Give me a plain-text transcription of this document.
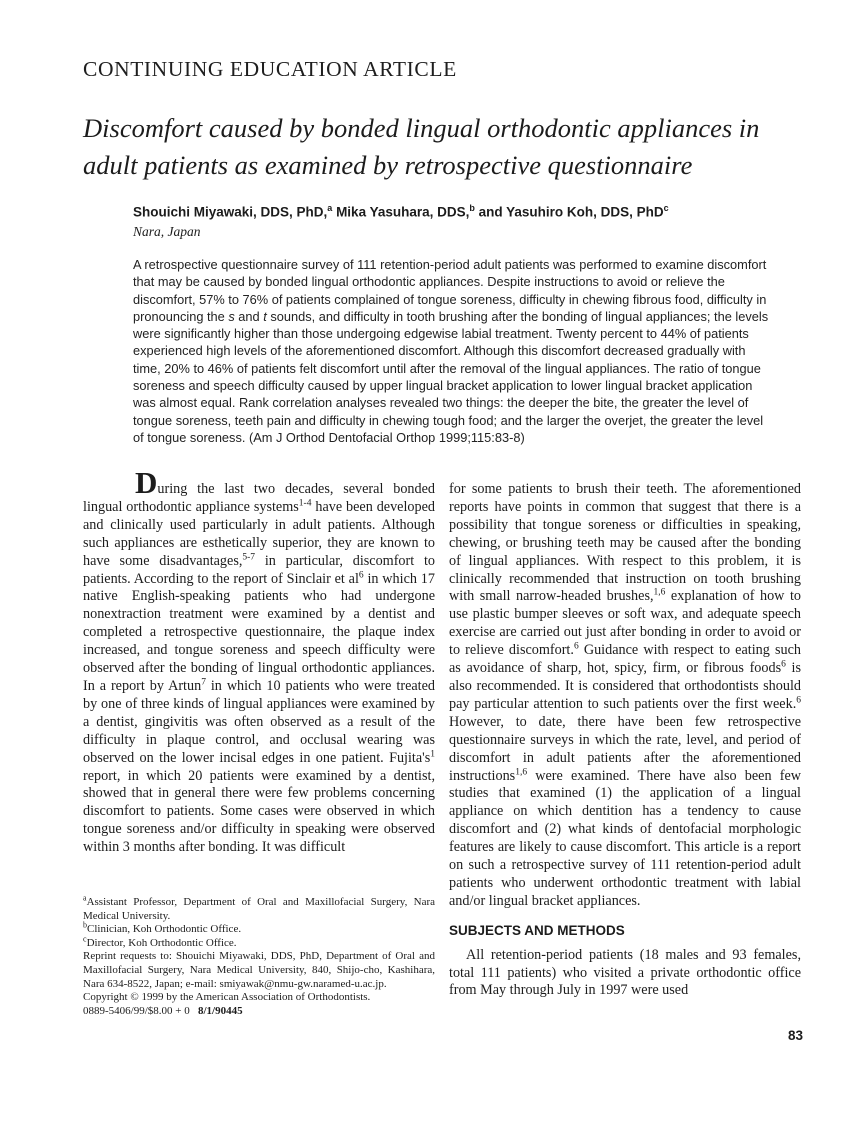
CONTINUING EDUCATION ARTICLE
Discomfort caused by bonded lingual orthodontic appliances in
adult patients as examined by retrospective questionnaire
Shouichi Miyawaki, DDS, PhD,$^a$ Mika Yasuhara, DDS,$^b$ and Yasuhiro Koh, DDS, PhD$^c$
Nara, Japan
A retrospective questionnaire survey of 111 retention-period adult patients was performed to examine discomfort that may be caused by bonded lingual orthodontic appliances. Despite instructions to avoid or relieve the discomfort, 57% to 76% of patients complained of tongue soreness, difficulty in chewing fibrous food, difficulty in pronouncing the s and t sounds, and difficulty in tooth brushing after the bonding of lingual appliances; the levels were significantly higher than those undergoing edgewise labial treatment. Twenty percent to 44% of patients experienced high levels of the aforementioned discomfort. Although this discomfort decreased gradually with time, 20% to 46% of patients felt discomfort until after the removal of the lingual appliances. The ratio of tongue soreness and speech difficulty caused by upper lingual bracket application to lower lingual bracket application was almost equal. Rank correlation analyses revealed two things: the deeper the bite, the greater the level of tongue soreness, teeth pain and difficulty in chewing tough food; and the larger the overjet, the greater the level of tongue soreness. (Am J Orthod Dentofacial Orthop 1999;115:83-8)

During the last two decades, several bonded lingual orthodontic appliance systems$^{1-4}$ have been developed and clinically used particularly in adult patients. Although such appliances are esthetically superior, they are known to have some disadvantages,$^{5-7}$ in particular, discomfort to patients. According to the report of Sinclair et $al^6$ in which 17 native English-speaking patients who had undergone nonextraction treatment were examined by a dentist and completed a retrospective questionnaire, the plaque index increased, and tongue soreness and speech difficulty were observed after the bonding of lingual orthodontic appliances. In a report by Artun$^7$ in which 10 patients who were treated by one of three kinds of lingual appliances were examined by a dentist, gingivitis was often observed as a result of the difficulty in plaque control, and occlusal wearing was observed on the lower incisal edges in one patient. $Fujita's^1$ report, in which 20 patients were examined by a dentist, showed that in general there were few problems concerning discomfort to patients. Some cases were observed in which tongue soreness and/or difficulty in speaking were observed within 3 months after bonding. It was difficult

$^a$Assistant Professor, Department of Oral and Maxillofacial Surgery, Nara Medical University.

$^b$Clinician, Koh Orthodontic Office.

$^c$Director, Koh Orthodontic Office.

Reprint requests to: Shouichi Miyawaki, DDS, PhD, Department of Oral and Maxillofacial Surgery, Nara Medical University, 840, Shijo-cho, Kashihara, Nara 634-8522, Japan; e-mail: smiyawak@nmu-gw.naramed-u.ac.jp.

Copyright © 1999 by the American Association of Orthodontists.

0889-5406/99/$8.00 + 0   8/1/90445

for some patients to brush their teeth. The aforementioned reports have points in common that suggest that there is a possibility that tongue soreness or difficulties in speaking, chewing, or brushing teeth may be caused after the bonding of lingual appliances. With respect to this problem, it is clinically recommended that instruction on tooth brushing with small narrow-headed brushes,$^{1,6}$ explanation of how to use plastic bumper sleeves or soft wax, and adequate speech exercise are carried out just after bonding in order to avoid or to relieve discomfort.$^6$ Guidance with respect to eating such as avoidance of sharp, hot, spicy, firm, or fibrous foods$^6$ is also recommended. It is considered that orthodontists should pay particular attention to such patients over the first week.$^6$ However, to date, there have been few retrospective questionnaire surveys in which the rate, level, and period of discomfort in adult patients after the aforementioned instructions$^{1,6}$ were examined. There have also been few studies that examined (1) the application of a lingual appliance on which dentition has a tendency to cause discomfort and (2) what kinds of dentofacial morphologic features are likely to cause discomfort. This article is a report on such a retrospective survey of 111 retention-period adult patients who underwent orthodontic treatment with labial and/or lingual bracket appliances.

SUBJECTS AND METHODS

All retention-period patients (18 males and 93 females, total 111 patients) who visited a private orthodontic office from May through July in 1997 were used

83
